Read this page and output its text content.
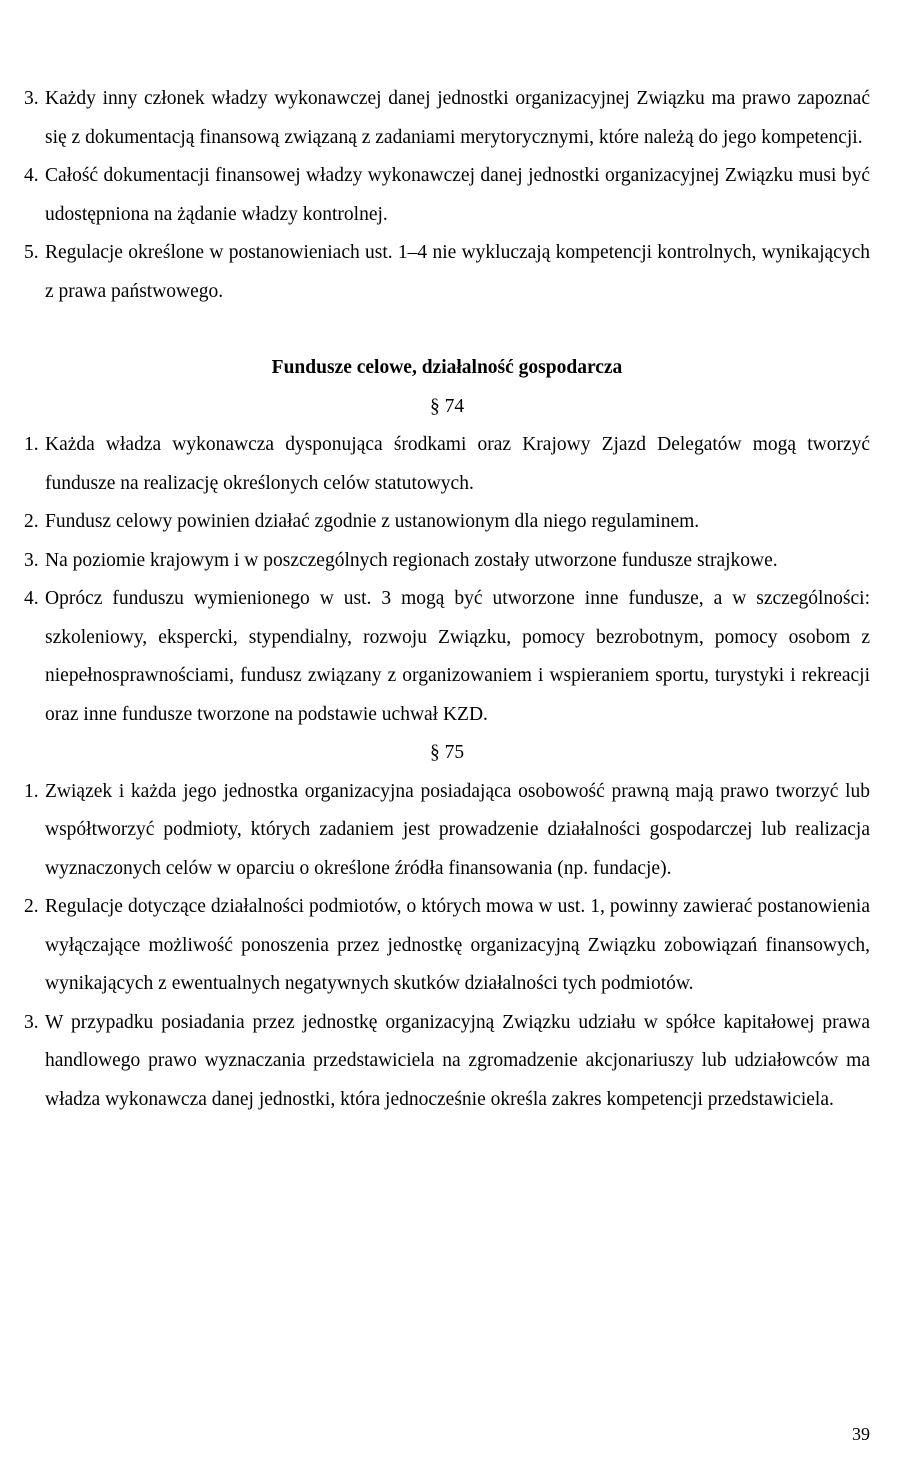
3. Każdy inny członek władzy wykonawczej danej jednostki organizacyjnej Związku ma prawo zapoznać się z dokumentacją finansową związaną z zadaniami merytorycznymi, które należą do jego kompetencji.
4. Całość dokumentacji finansowej władzy wykonawczej danej jednostki organizacyjnej Związku musi być udostępniona na żądanie władzy kontrolnej.
5. Regulacje określone w postanowieniach ust. 1–4 nie wykluczają kompetencji kontrolnych, wynikających z prawa państwowego.
Fundusze celowe, działalność gospodarcza
§ 74
1. Każda władza wykonawcza dysponująca środkami oraz Krajowy Zjazd Delegatów mogą tworzyć fundusze na realizację określonych celów statutowych.
2. Fundusz celowy powinien działać zgodnie z ustanowionym dla niego regulaminem.
3. Na poziomie krajowym i w poszczególnych regionach zostały utworzone fundusze strajkowe.
4. Oprócz funduszu wymienionego w ust. 3 mogą być utworzone inne fundusze, a w szczególności: szkoleniowy, ekspercki, stypendialny, rozwoju Związku, pomocy bezrobotnym, pomocy osobom z niepełnosprawnościami, fundusz związany z organizowaniem i wspieraniem sportu, turystyki i rekreacji oraz inne fundusze tworzone na podstawie uchwał KZD.
§ 75
1. Związek i każda jego jednostka organizacyjna posiadająca osobowość prawną mają prawo tworzyć lub współtworzyć podmioty, których zadaniem jest prowadzenie działalności gospodarczej lub realizacja wyznaczonych celów w oparciu o określone źródła finansowania (np. fundacje).
2. Regulacje dotyczące działalności podmiotów, o których mowa w ust. 1, powinny zawierać postanowienia wyłączające możliwość ponoszenia przez jednostkę organizacyjną Związku zobowiązań finansowych, wynikających z ewentualnych negatywnych skutków działalności tych podmiotów.
3. W przypadku posiadania przez jednostkę organizacyjną Związku udziału w spółce kapitałowej prawa handlowego prawo wyznaczania przedstawiciela na zgromadzenie akcjonariuszy lub udziałowców ma władza wykonawcza danej jednostki, która jednocześnie określa zakres kompetencji przedstawiciela.
39
